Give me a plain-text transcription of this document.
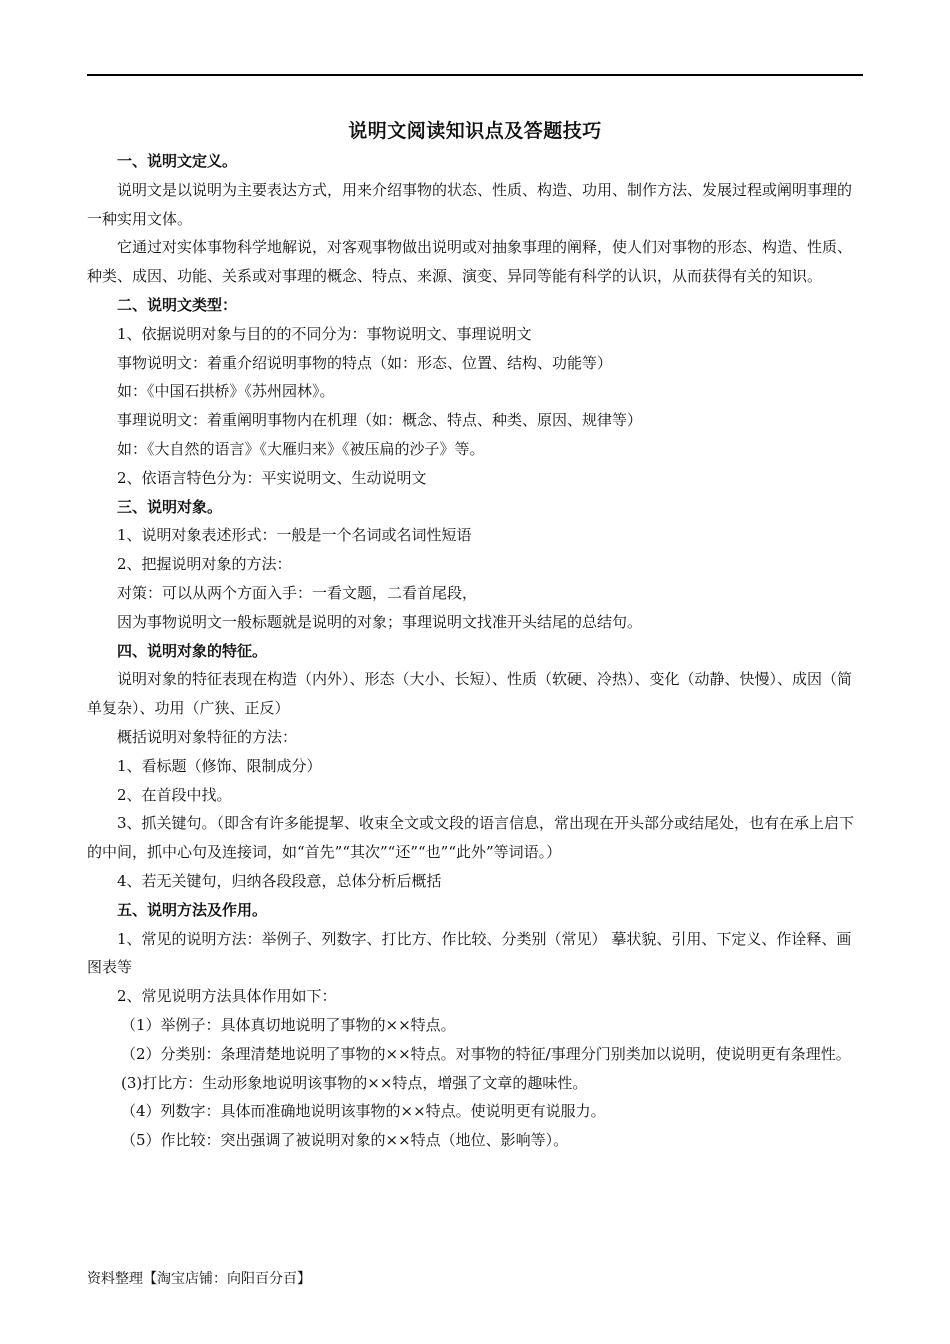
说明文阅读知识点及答题技巧

一、说明文定义。

说明文是以说明为主要表达方式，用来介绍事物的状态、性质、构造、功用、制作方法、发展过程或阐明事理的一种实用文体。

它通过对实体事物科学地解说，对客观事物做出说明或对抽象事理的阐释，使人们对事物的形态、构造、性质、种类、成因、功能、关系或对事理的概念、特点、来源、演变、异同等能有科学的认识，从而获得有关的知识。

二、说明文类型：

1、依据说明对象与目的的不同分为：事物说明文、事理说明文

事物说明文：着重介绍说明事物的特点（如：形态、位置、结构、功能等）

如：《中国石拱桥》《苏州园林》。

事理说明文：着重阐明事物内在机理（如：概念、特点、种类、原因、规律等）

如：《大自然的语言》《大雁归来》《被压扁的沙子》等。

2、依语言特色分为：平实说明文、生动说明文

三、说明对象。

1、说明对象表述形式：一般是一个名词或名词性短语

2、把握说明对象的方法：

对策：可以从两个方面入手：一看文题，二看首尾段，

因为事物说明文一般标题就是说明的对象；事理说明文找准开头结尾的总结句。

四、说明对象的特征。

说明对象的特征表现在构造（内外）、形态（大小、长短）、性质（软硬、冷热）、变化（动静、快慢）、成因（简单复杂）、功用（广狭、正反）

概括说明对象特征的方法：

1、看标题（修饰、限制成分）

2、在首段中找。

3、抓关键句。（即含有许多能提挈、收束全文或文段的语言信息，常出现在开头部分或结尾处，也有在承上启下的中间，抓中心句及连接词，如“首先”“其次”“还”“也”“此外”等词语。）

4、若无关键句，归纳各段段意，总体分析后概括

五、说明方法及作用。

1、常见的说明方法：举例子、列数字、打比方、作比较、分类别（常见） 摹状貌、引用、下定义、作诠释、画图表等

2、常见说明方法具体作用如下：

（1）举例子：具体真切地说明了事物的××特点。

（2）分类别：条理清楚地说明了事物的××特点。对事物的特征/事理分门别类加以说明，使说明更有条理性。

(3)打比方：生动形象地说明该事物的××特点，增强了文章的趣味性。

（4）列数字：具体而准确地说明该事物的××特点。使说明更有说服力。

（5）作比较：突出强调了被说明对象的××特点（地位、影响等）。

资料整理【淘宝店铺：向阳百分百】
